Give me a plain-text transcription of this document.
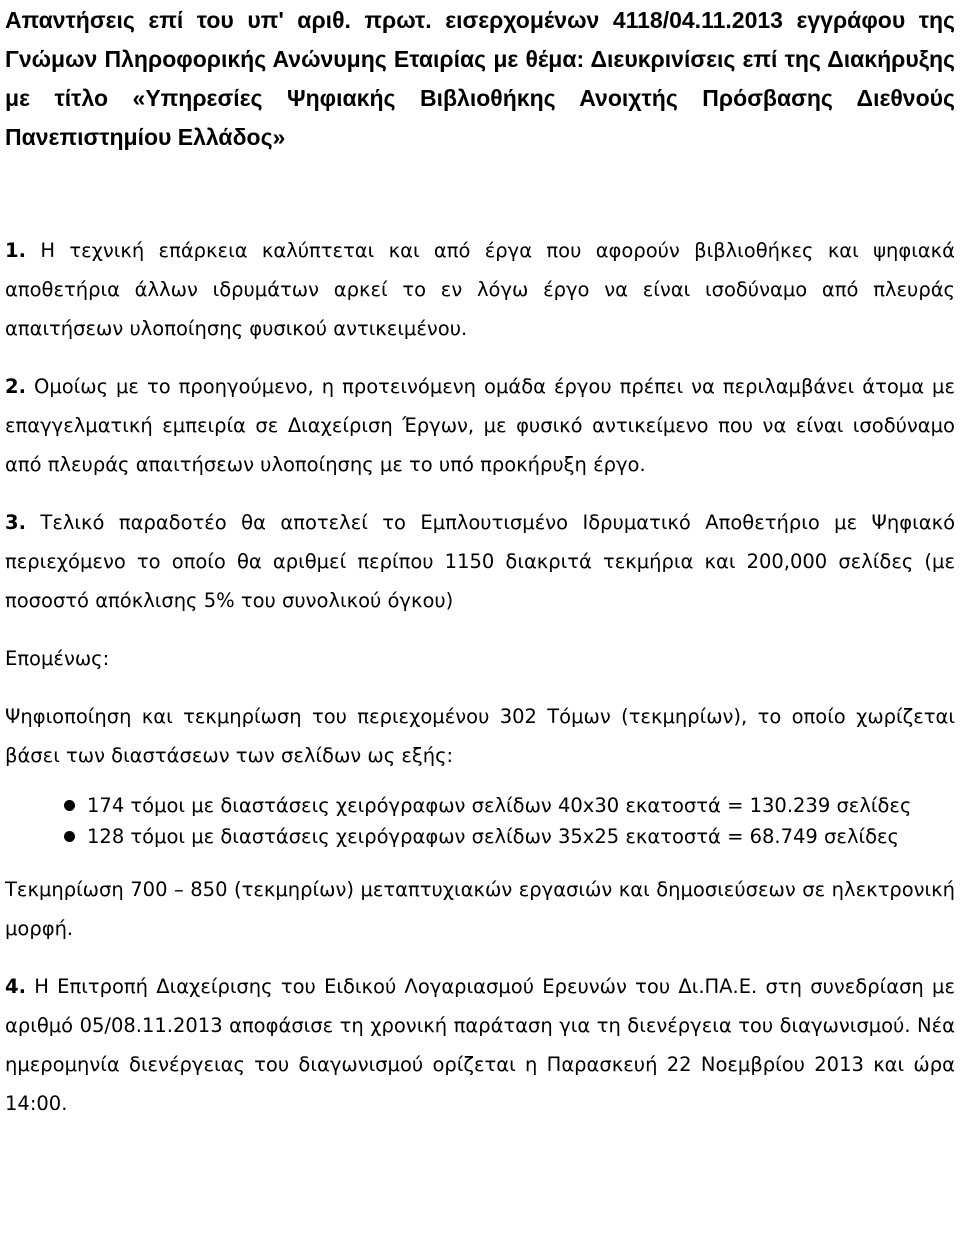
Απαντήσεις επί του υπ' αριθ. πρωτ. εισερχομένων 4118/04.11.2013 εγγράφου της Γνώμων Πληροφορικής Ανώνυμης Εταιρίας με θέμα: Διευκρινίσεις επί της Διακήρυξης με τίτλο «Υπηρεσίες Ψηφιακής Βιβλιοθήκης Ανοιχτής Πρόσβασης Διεθνούς Πανεπιστημίου Ελλάδος»

1. Η τεχνική επάρκεια καλύπτεται και από έργα που αφορούν βιβλιοθήκες και ψηφιακά αποθετήρια άλλων ιδρυμάτων αρκεί το εν λόγω έργο να είναι ισοδύναμο από πλευράς απαιτήσεων υλοποίησης φυσικού αντικειμένου.

2. Ομοίως με το προηγούμενο, η προτεινόμενη ομάδα έργου πρέπει να περιλαμβάνει άτομα με επαγγελματική εμπειρία σε Διαχείριση Έργων, με φυσικό αντικείμενο που να είναι ισοδύναμο από πλευράς απαιτήσεων υλοποίησης με το υπό προκήρυξη έργο.

3. Τελικό παραδοτέο θα αποτελεί το Εμπλουτισμένο Ιδρυματικό Αποθετήριο με Ψηφιακό περιεχόμενο το οποίο θα αριθμεί περίπου 1150 διακριτά τεκμήρια και 200,000 σελίδες (με ποσοστό απόκλισης 5% του συνολικού όγκου)

Επομένως:

Ψηφιοποίηση και τεκμηρίωση του περιεχομένου 302 Τόμων (τεκμηρίων), το οποίο χωρίζεται βάσει των διαστάσεων των σελίδων ως εξής:

174 τόμοι με διαστάσεις χειρόγραφων σελίδων 40x30 εκατοστά = 130.239 σελίδες
128 τόμοι με διαστάσεις χειρόγραφων σελίδων 35x25 εκατοστά = 68.749 σελίδες

Τεκμηρίωση 700 – 850 (τεκμηρίων) μεταπτυχιακών εργασιών και δημοσιεύσεων σε ηλεκτρονική μορφή.

4. Η Επιτροπή Διαχείρισης του Ειδικού Λογαριασμού Ερευνών του Δι.ΠΑ.Ε. στη συνεδρίαση με αριθμό 05/08.11.2013 αποφάσισε τη χρονική παράταση για τη διενέργεια του διαγωνισμού. Νέα ημερομηνία διενέργειας του διαγωνισμού ορίζεται η Παρασκευή 22 Νοεμβρίου 2013 και ώρα 14:00.
